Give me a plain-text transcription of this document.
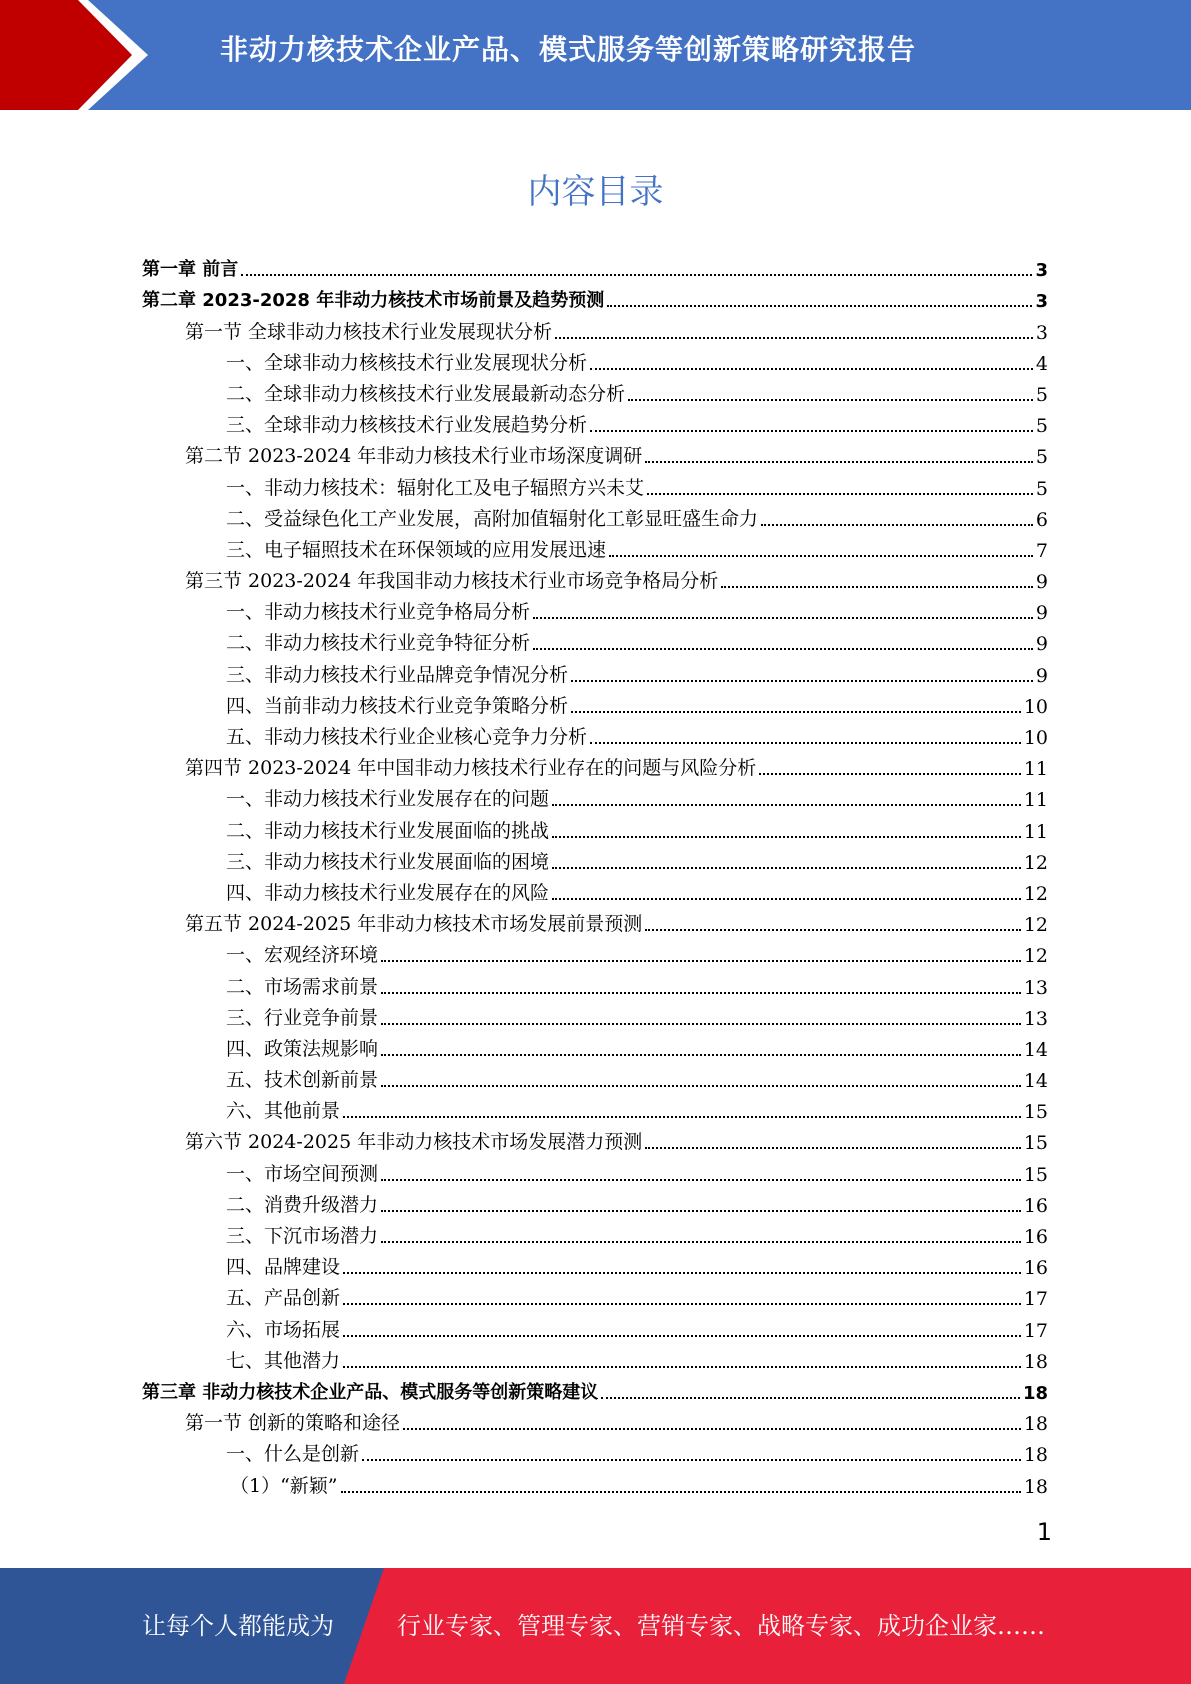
非动力核技术企业产品、模式服务等创新策略研究报告
内容目录
第一章 前言	3
第二章 2023-2028 年非动力核技术市场前景及趋势预测	3
第一节 全球非动力核技术行业发展现状分析	3
一、全球非动力核核技术行业发展现状分析	4
二、全球非动力核核技术行业发展最新动态分析	5
三、全球非动力核核技术行业发展趋势分析	5
第二节 2023-2024 年非动力核技术行业市场深度调研	5
一、非动力核技术：辐射化工及电子辐照方兴未艾	5
二、受益绿色化工产业发展，高附加值辐射化工彰显旺盛生命力	6
三、电子辐照技术在环保领域的应用发展迅速	7
第三节 2023-2024 年我国非动力核技术行业市场竞争格局分析	9
一、非动力核技术行业竞争格局分析	9
二、非动力核技术行业竞争特征分析	9
三、非动力核技术行业品牌竞争情况分析	9
四、当前非动力核技术行业竞争策略分析	10
五、非动力核技术行业企业核心竞争力分析	10
第四节 2023-2024 年中国非动力核技术行业存在的问题与风险分析	11
一、非动力核技术行业发展存在的问题	11
二、非动力核技术行业发展面临的挑战	11
三、非动力核技术行业发展面临的困境	12
四、非动力核技术行业发展存在的风险	12
第五节 2024-2025 年非动力核技术市场发展前景预测	12
一、宏观经济环境	12
二、市场需求前景	13
三、行业竞争前景	13
四、政策法规影响	14
五、技术创新前景	14
六、其他前景	15
第六节 2024-2025 年非动力核技术市场发展潜力预测	15
一、市场空间预测	15
二、消费升级潜力	16
三、下沉市场潜力	16
四、品牌建设	16
五、产品创新	17
六、市场拓展	17
七、其他潜力	18
第三章 非动力核技术企业产品、模式服务等创新策略建议	18
第一节 创新的策略和途径	18
一、什么是创新	18
（1）“新颖”	18
1
让每个人都能成为	行业专家、管理专家、营销专家、战略专家、成功企业家……
